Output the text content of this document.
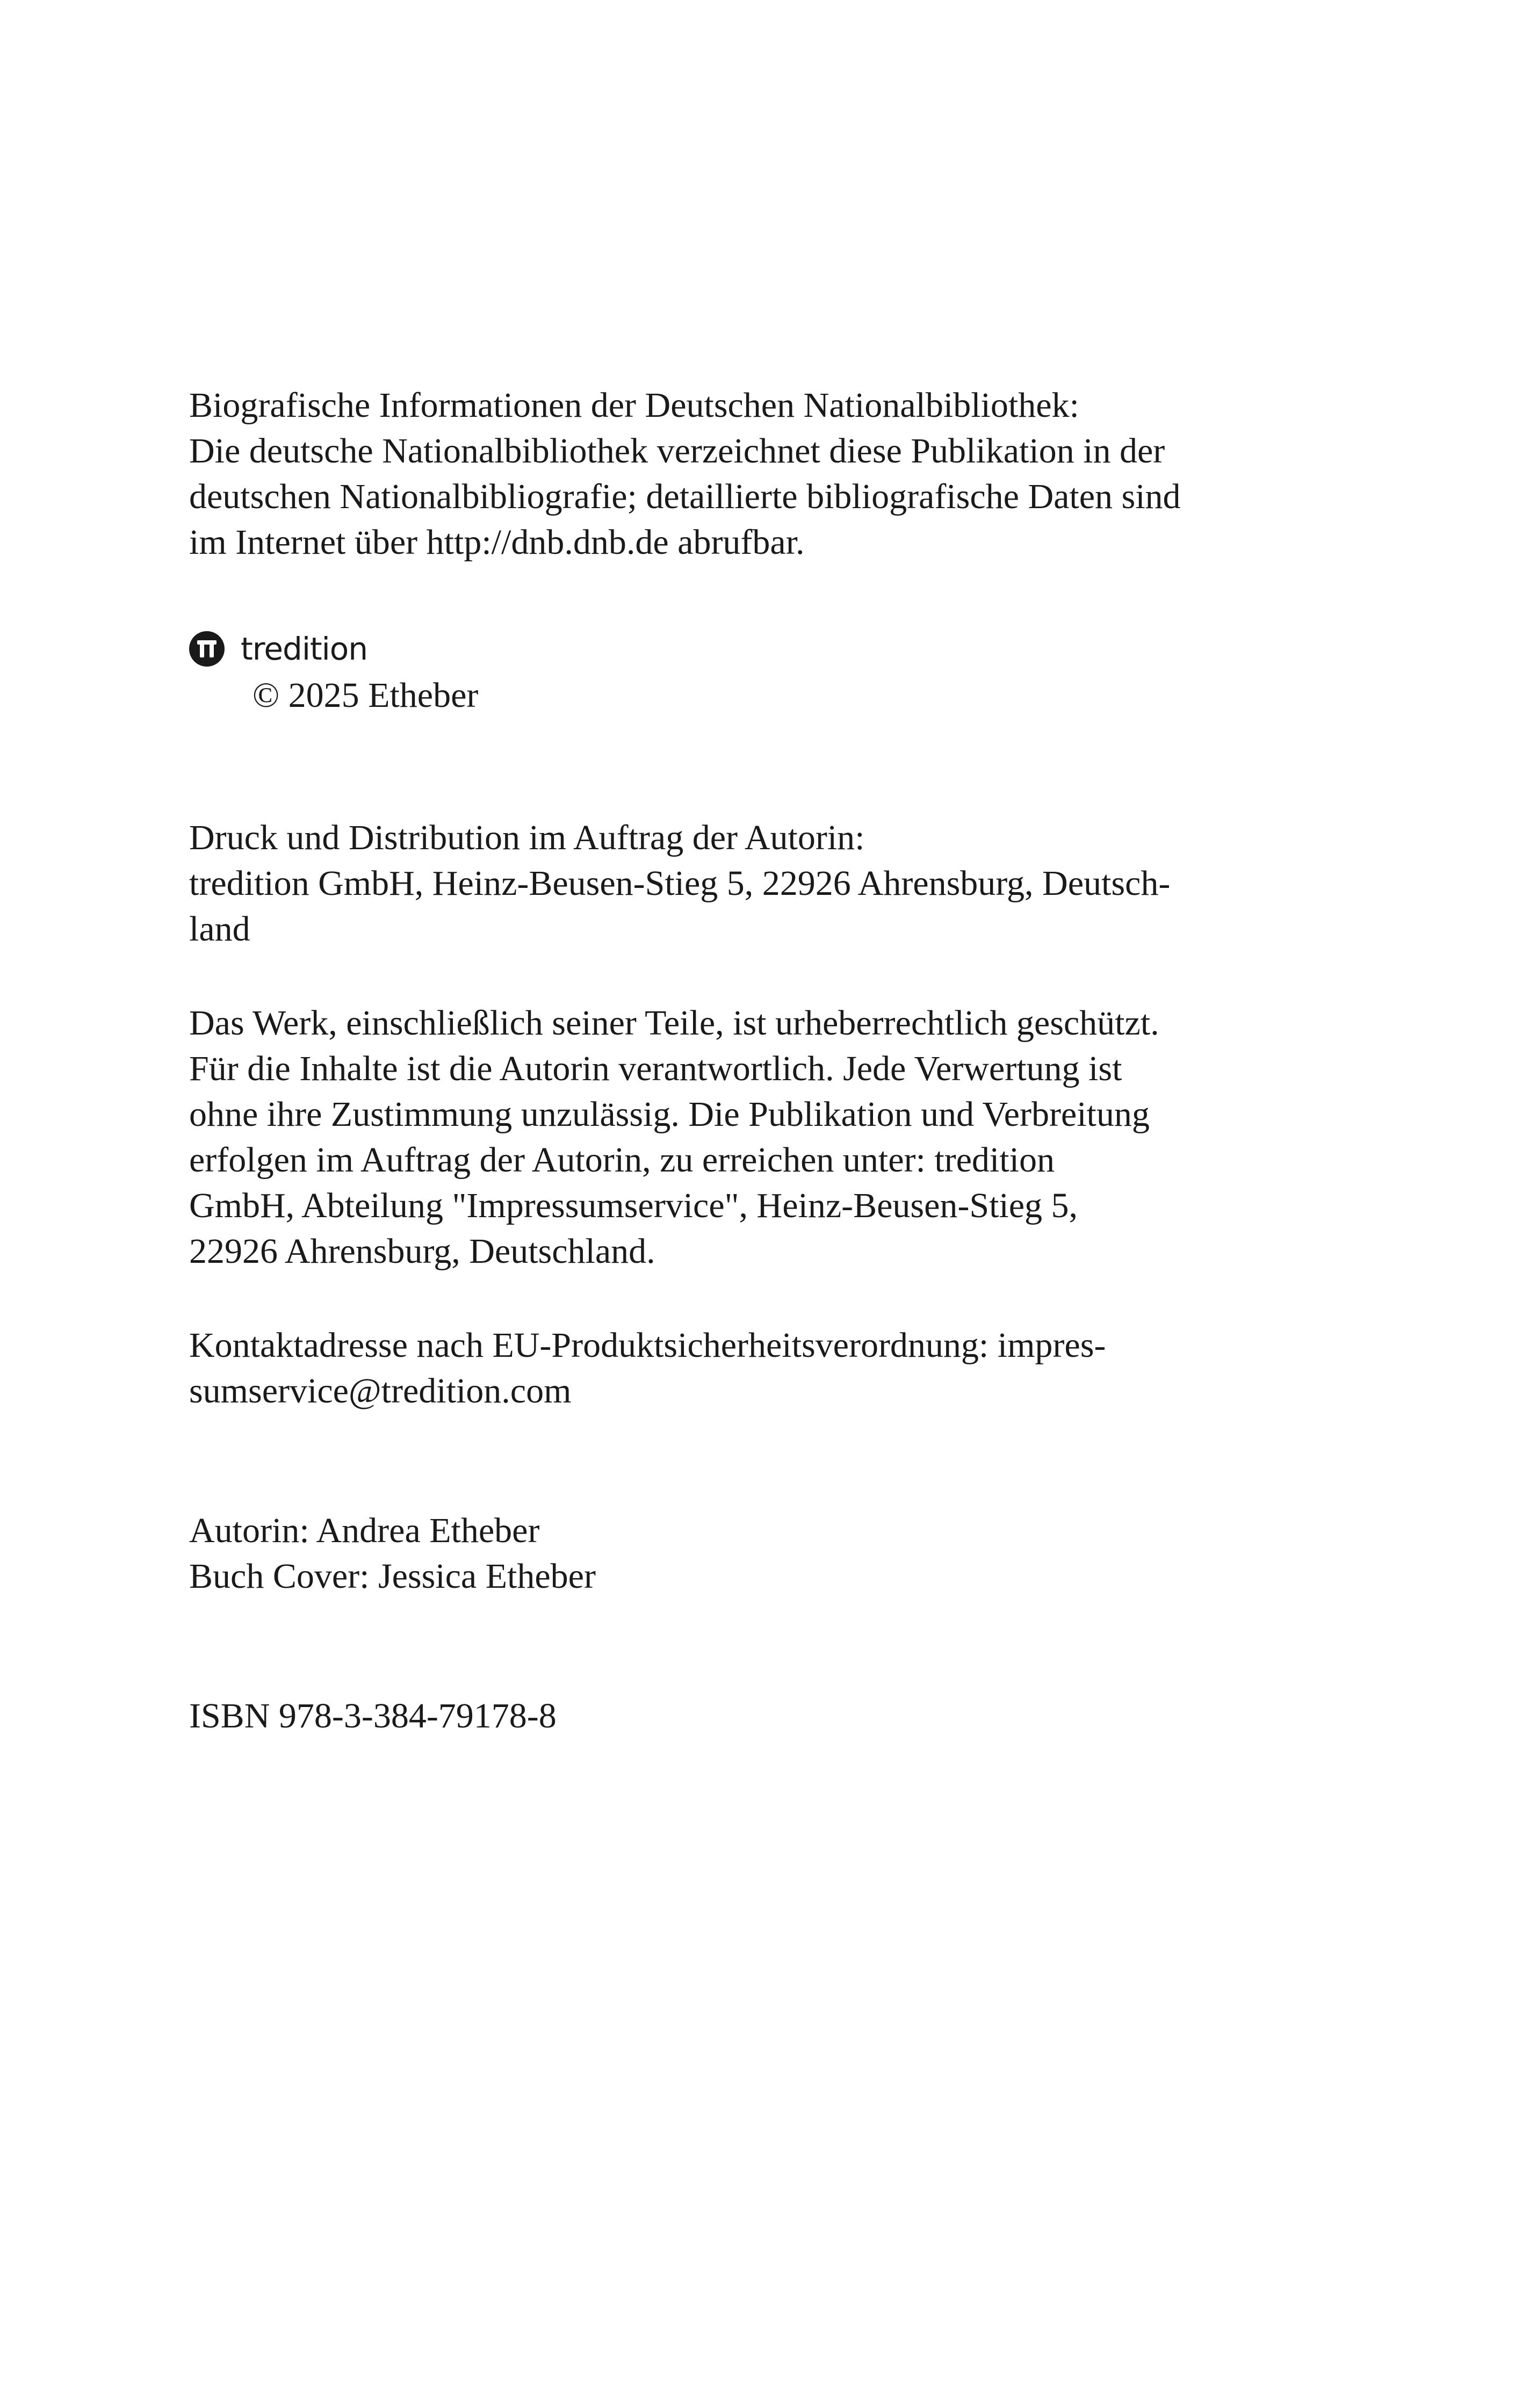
Biografische Informationen der Deutschen Nationalbibliothek:
Die deutsche Nationalbibliothek verzeichnet diese Publikation in der
deutschen Nationalbibliografie; detaillierte bibliografische Daten sind
im Internet über http://dnb.dnb.de abrufbar.

tredition
© 2025 Etheber

Druck und Distribution im Auftrag der Autorin:
tredition GmbH, Heinz-Beusen-Stieg 5, 22926 Ahrensburg, Deutsch-
land

Das Werk, einschließlich seiner Teile, ist urheberrechtlich geschützt.
Für die Inhalte ist die Autorin verantwortlich. Jede Verwertung ist
ohne ihre Zustimmung unzulässig. Die Publikation und Verbreitung
erfolgen im Auftrag der Autorin, zu erreichen unter: tredition
GmbH, Abteilung "Impressumservice", Heinz-Beusen-Stieg 5,
22926 Ahrensburg, Deutschland.

Kontaktadresse nach EU-Produktsicherheitsverordnung: impres-
sumservice@tredition.com

Autorin: Andrea Etheber
Buch Cover: Jessica Etheber

ISBN 978-3-384-79178-8
